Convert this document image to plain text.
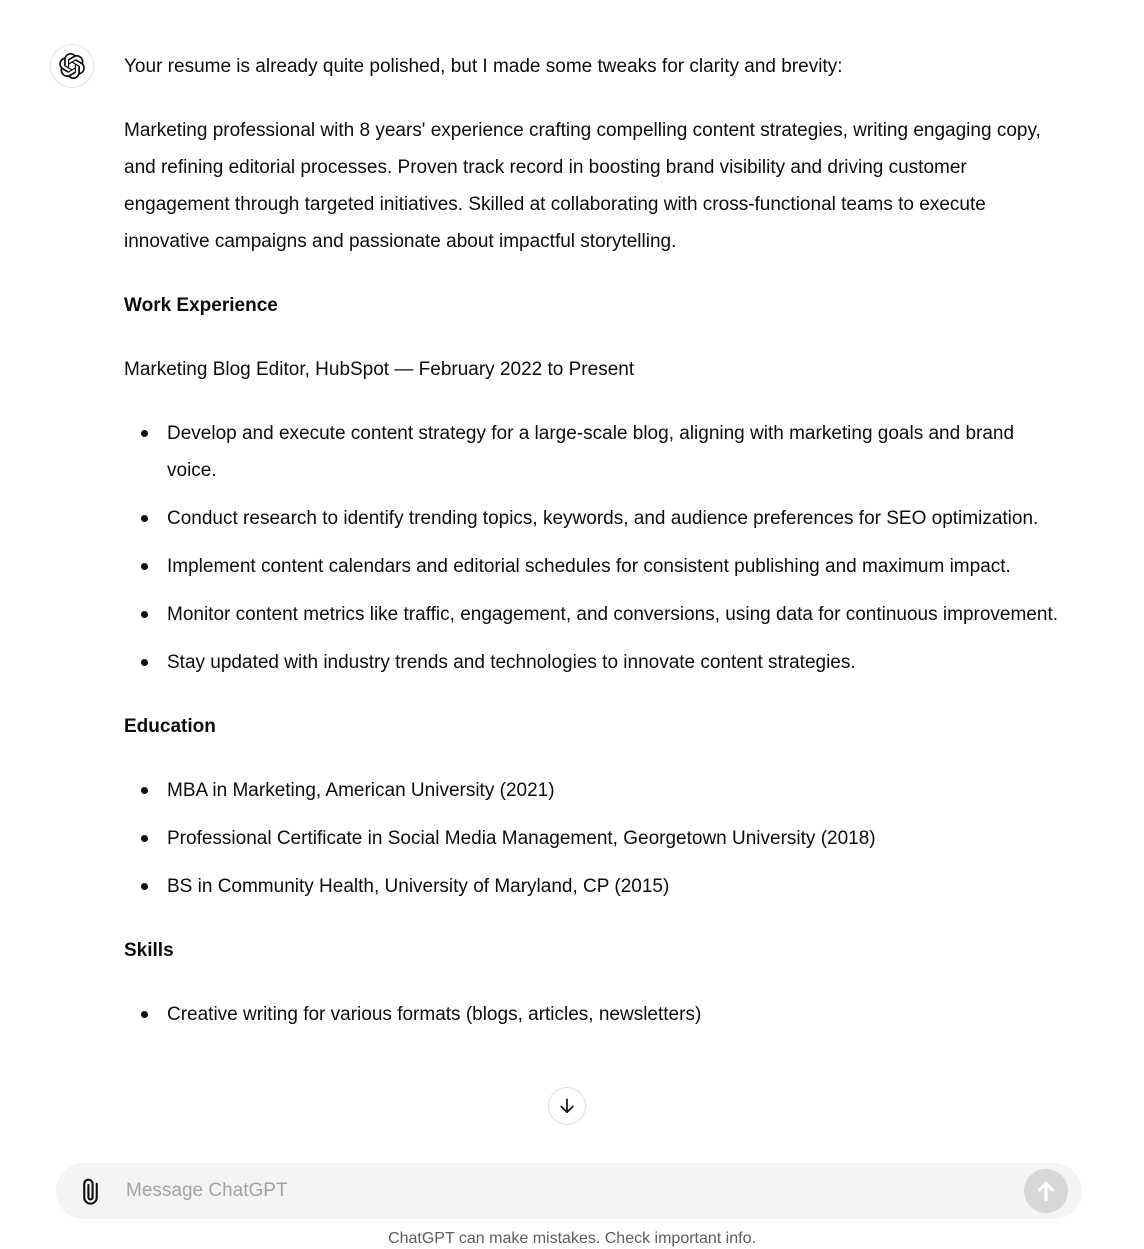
Your resume is already quite polished, but I made some tweaks for clarity and brevity:

Marketing professional with 8 years' experience crafting compelling content strategies, writing engaging copy, and refining editorial processes. Proven track record in boosting brand visibility and driving customer engagement through targeted initiatives. Skilled at collaborating with cross-functional teams to execute innovative campaigns and passionate about impactful storytelling.

Work Experience

Marketing Blog Editor, HubSpot — February 2022 to Present

Develop and execute content strategy for a large-scale blog, aligning with marketing goals and brand voice.
Conduct research to identify trending topics, keywords, and audience preferences for SEO optimization.
Implement content calendars and editorial schedules for consistent publishing and maximum impact.
Monitor content metrics like traffic, engagement, and conversions, using data for continuous improvement.
Stay updated with industry trends and technologies to innovate content strategies.
Education
MBA in Marketing, American University (2021)
Professional Certificate in Social Media Management, Georgetown University (2018)
BS in Community Health, University of Maryland, CP (2015)
Skills
Creative writing for various formats (blogs, articles, newsletters)
Message ChatGPT
ChatGPT can make mistakes. Check important info.
